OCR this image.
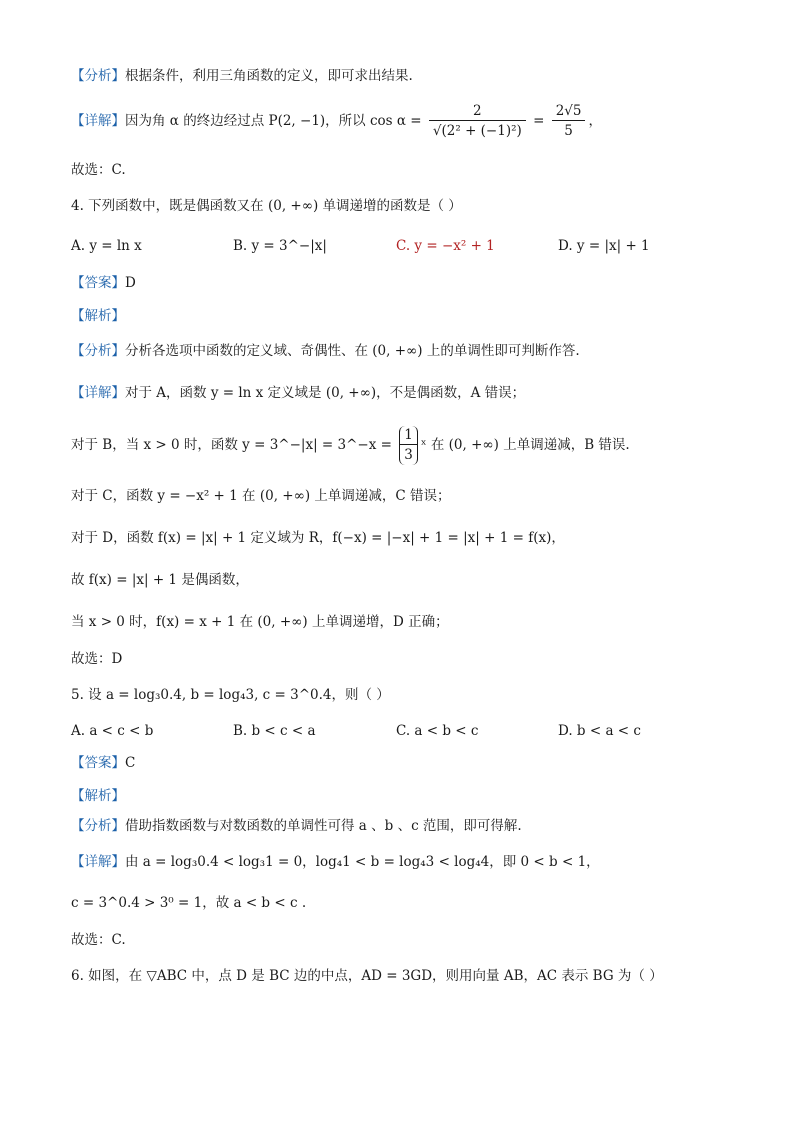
【分析】根据条件，利用三角函数的定义，即可求出结果.
【详解】因为角 α 的终边经过点 P(2, −1)，所以 $\cos \alpha = \frac{2}{\text{√(2² + (−1)²)}} = \frac{2√5}{5}$ ，
故选：C.
4. 下列函数中，既是偶函数又在 (0, +∞) 单调递增的函数是（ ）
A. y = ln x	B. y = 3^−|x|	C. y = −x² + 1	D. y = |x| + 1
【答案】D
【解析】
【分析】分析各选项中函数的定义域、奇偶性、在 (0, +∞) 上的单调性即可判断作答.
【详解】对于 A，函数 y = ln x 定义域是 (0, +∞)，不是偶函数，A 错误；
对于 B，当 x > 0 时，函数 y = 3^−|x| = 3^−x = $\frac{1}{3}$ ˣ 在 (0, +∞) 上单调递减，B 错误.
对于 C，函数 y = −x² + 1 在 (0, +∞) 上单调递减，C 错误；
对于 D，函数 f(x) = |x| + 1 定义域为 R，f(−x) = |−x| + 1 = |x| + 1 = f(x)，
故 f(x) = |x| + 1 是偶函数，
当 x > 0 时，f(x) = x + 1 在 (0, +∞) 上单调递增，D 正确；
故选：D
5. 设 a = log₃0.4, b = log₄3, c = 3^0.4，则（ ）
A. a < c < b	B. b < c < a	C. a < b < c	D. b < a < c
【答案】C
【解析】
【分析】借助指数函数与对数函数的单调性可得 a 、b 、c 范围，即可得解.
【详解】由 a = log₃0.4 < log₃1 = 0，log₄1 < b = log₄3 < log₄4，即 0 < b < 1，
c = 3^0.4 > 3⁰ = 1，故 a < b < c .
故选：C.
6. 如图，在 ▽ABC 中，点 D 是 BC 边的中点，AD = 3GD，则用向量 AB，AC 表示 BG 为（ ）
